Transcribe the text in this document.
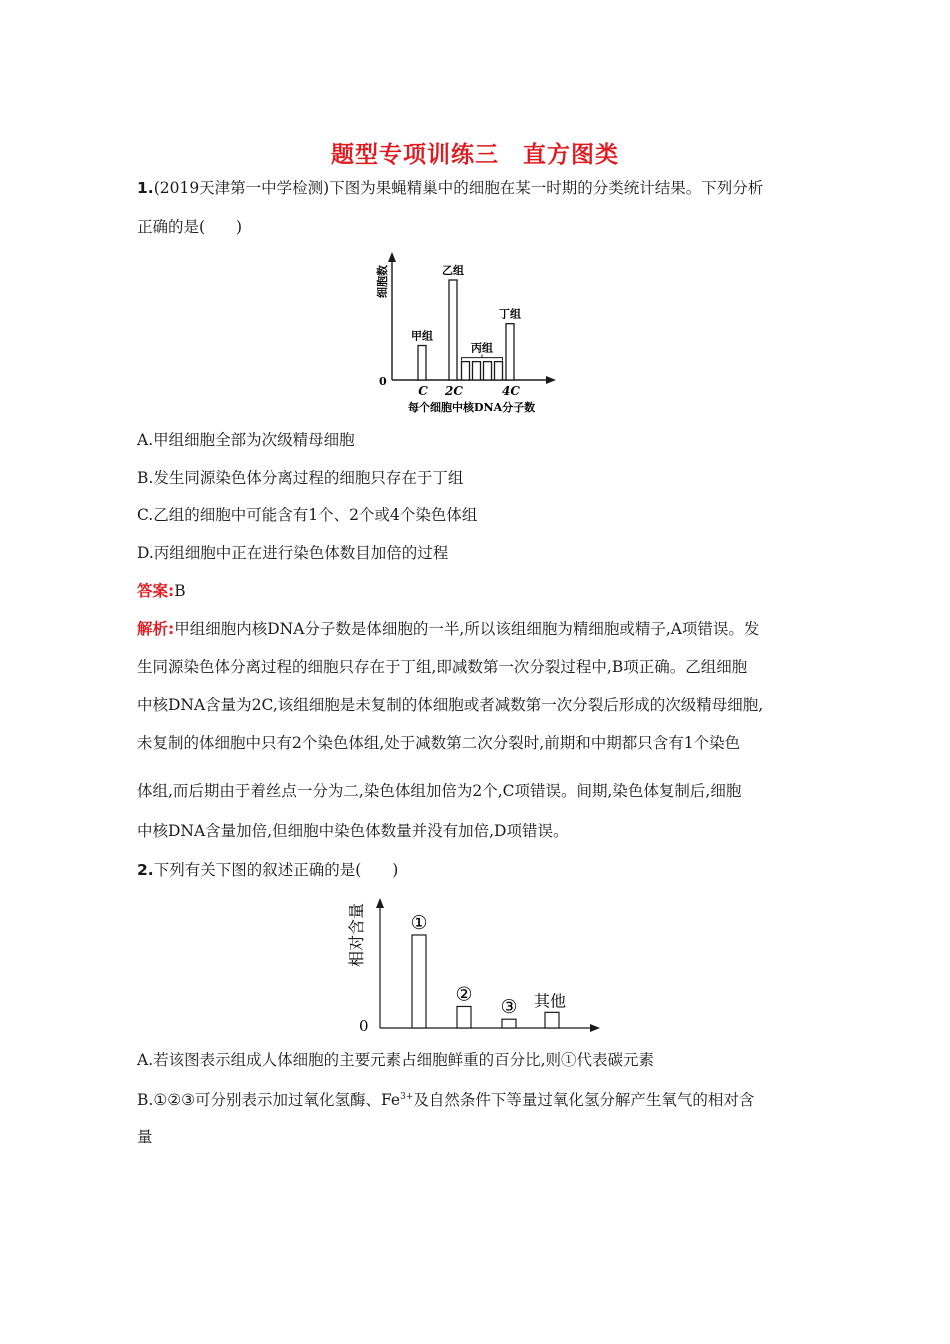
题型专项训练三　直方图类
1.(2019天津第一中学检测)下图为果蝇精巢中的细胞在某一时期的分类统计结果。下列分析
正确的是(　　)
细胞数
0
每个细胞中核DNA分子数
甲组
乙组
丙组
丁组
C 2C	4C
A.甲组细胞全部为次级精母细胞
B.发生同源染色体分离过程的细胞只存在于丁组
C.乙组的细胞中可能含有1个、2个或4个染色体组
D.丙组细胞中正在进行染色体数目加倍的过程
答案:B
解析:甲组细胞内核DNA分子数是体细胞的一半,所以该组细胞为精细胞或精子,A项错误。发
生同源染色体分离过程的细胞只存在于丁组,即减数第一次分裂过程中,B项正确。乙组细胞
中核DNA含量为2C,该组细胞是未复制的体细胞或者减数第一次分裂后形成的次级精母细胞,
未复制的体细胞中只有2个染色体组,处于减数第二次分裂时,前期和中期都只含有1个染色
体组,而后期由于着丝点一分为二,染色体组加倍为2个,C项错误。间期,染色体复制后,细胞
中核DNA含量加倍,但细胞中染色体数量并没有加倍,D项错误。
2.下列有关下图的叙述正确的是(　　)
相对含量
0
①
②
③ 其他
A.若该图表示组成人体细胞的主要元素占细胞鲜重的百分比,则①代表碳元素
B.①②③可分别表示加过氧化氢酶、$Fe^{3+}$及自然条件下等量过氧化氢分解产生氧气的相对含
量
